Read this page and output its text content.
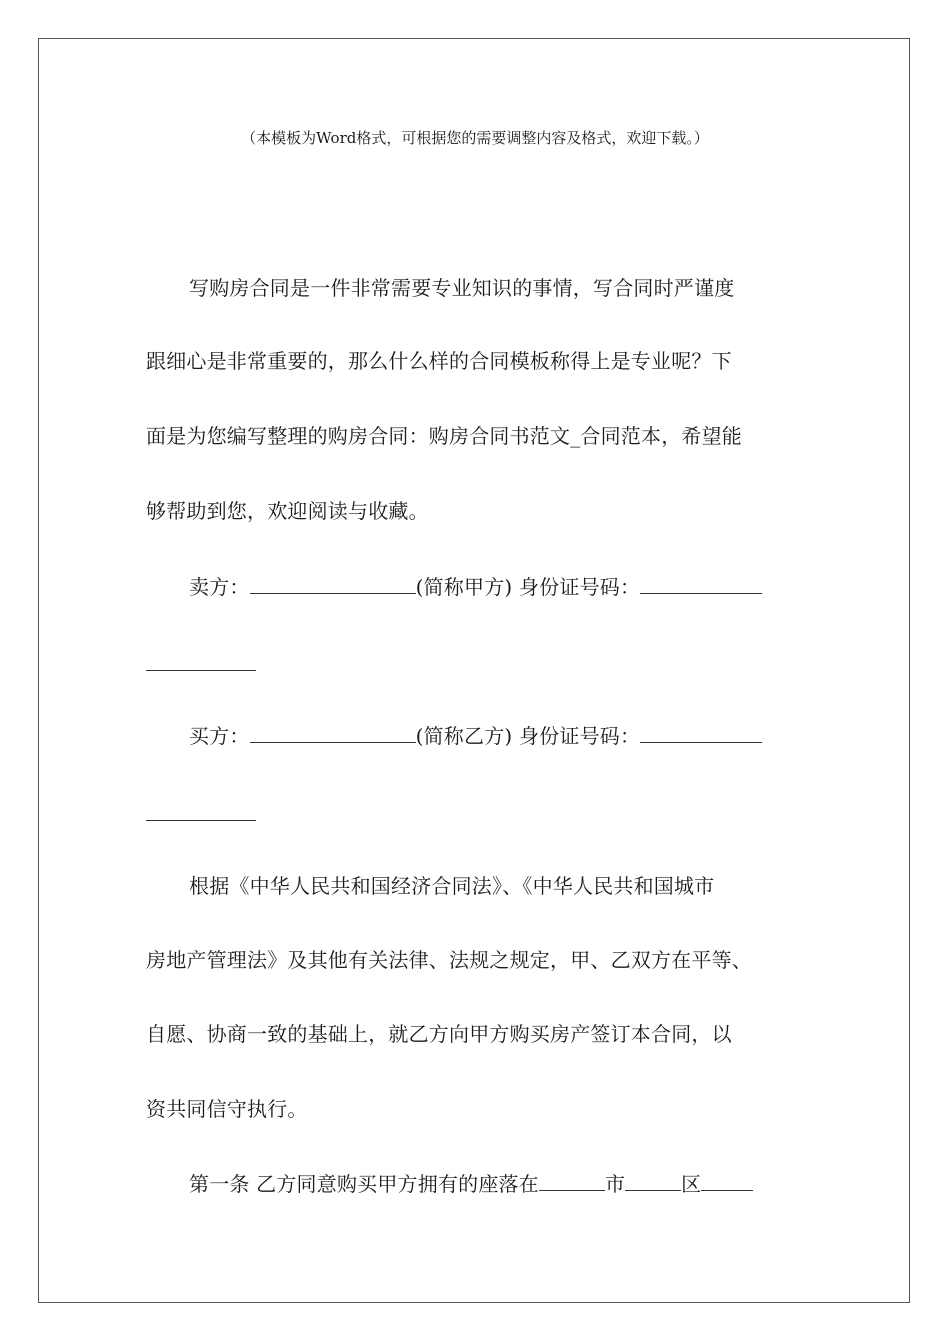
（本模板为Word格式，可根据您的需要调整内容及格式，欢迎下载。）
写购房合同是一件非常需要专业知识的事情，写合同时严谨度
跟细心是非常重要的，那么什么样的合同模板称得上是专业呢？下
面是为您编写整理的购房合同：购房合同书范文_合同范本，希望能
够帮助到您，欢迎阅读与收藏。
卖方：	(简称甲方) 身份证号码：
买方：	(简称乙方) 身份证号码：
根据《中华人民共和国经济合同法》、《中华人民共和国城市
房地产管理法》及其他有关法律、法规之规定，甲、乙双方在平等、
自愿、协商一致的基础上，就乙方向甲方购买房产签订本合同，以
资共同信守执行。
第一条 乙方同意购买甲方拥有的座落在	市	区
